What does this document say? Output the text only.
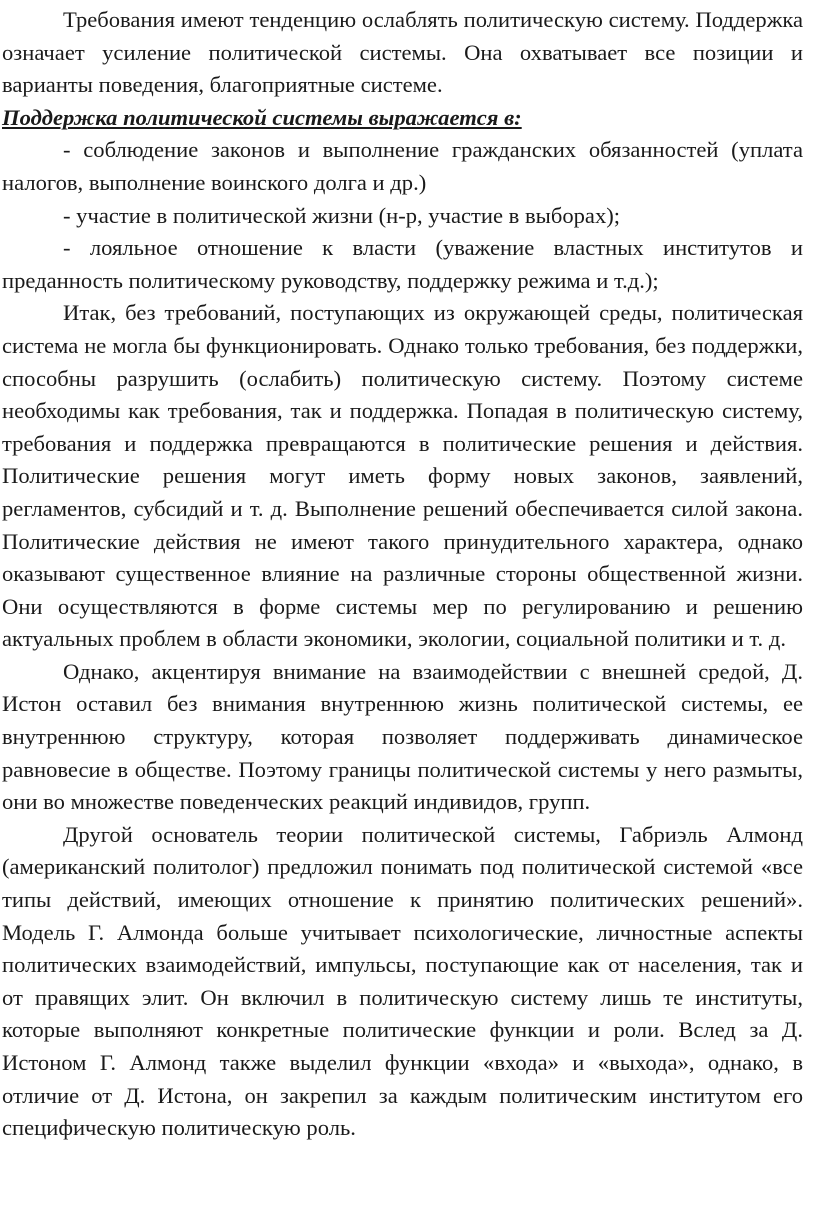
Требования имеют тенденцию ослаблять политическую систему. Поддержка означает усиление политической системы. Она охватывает все позиции и варианты поведения, благоприятные системе.

Поддержка политической системы выражается в:

- соблюдение законов и выполнение гражданских обязанностей (уплата налогов, выполнение воинского долга и др.)

- участие в политической жизни (н-р, участие в выборах);

- лояльное отношение к власти (уважение властных институтов и преданность политическому руководству, поддержку режима и т.д.);

Итак, без требований, поступающих из окружающей среды, политическая система не могла бы функционировать. Однако только требования, без поддержки, способны разрушить (ослабить) политическую систему. Поэтому системе необходимы как требования, так и поддержка. Попадая в политическую систему, требования и поддержка превращаются в политические решения и действия. Политические решения могут иметь форму новых законов, заявлений, регламентов, субсидий и т. д. Выполнение решений обеспечивается силой закона. Политические действия не имеют такого принудительного характера, однако оказывают существенное влияние на различные стороны общественной жизни. Они осуществляются в форме системы мер по регулированию и решению актуальных проблем в области экономики, экологии, социальной политики и т. д.

Однако, акцентируя внимание на взаимодействии с внешней средой, Д. Истон оставил без внимания внутреннюю жизнь политической системы, ее внутреннюю структуру, которая позволяет поддерживать динамическое равновесие в обществе. Поэтому границы политической системы у него размыты, они во множестве поведенческих реакций индивидов, групп.

Другой основатель теории политической системы, Габриэль Алмонд (американский политолог) предложил понимать под политической системой «все типы действий, имеющих отношение к принятию политических решений». Модель Г. Алмонда больше учитывает психологические, личностные аспекты политических взаимодействий, импульсы, поступающие как от населения, так и от правящих элит. Он включил в политическую систему лишь те институты, которые выполняют конкретные политические функции и роли. Вслед за Д. Истоном Г. Алмонд также выделил функции «входа» и «выхода», однако, в отличие от Д. Истона, он закрепил за каждым политическим институтом его специфическую политическую роль.
